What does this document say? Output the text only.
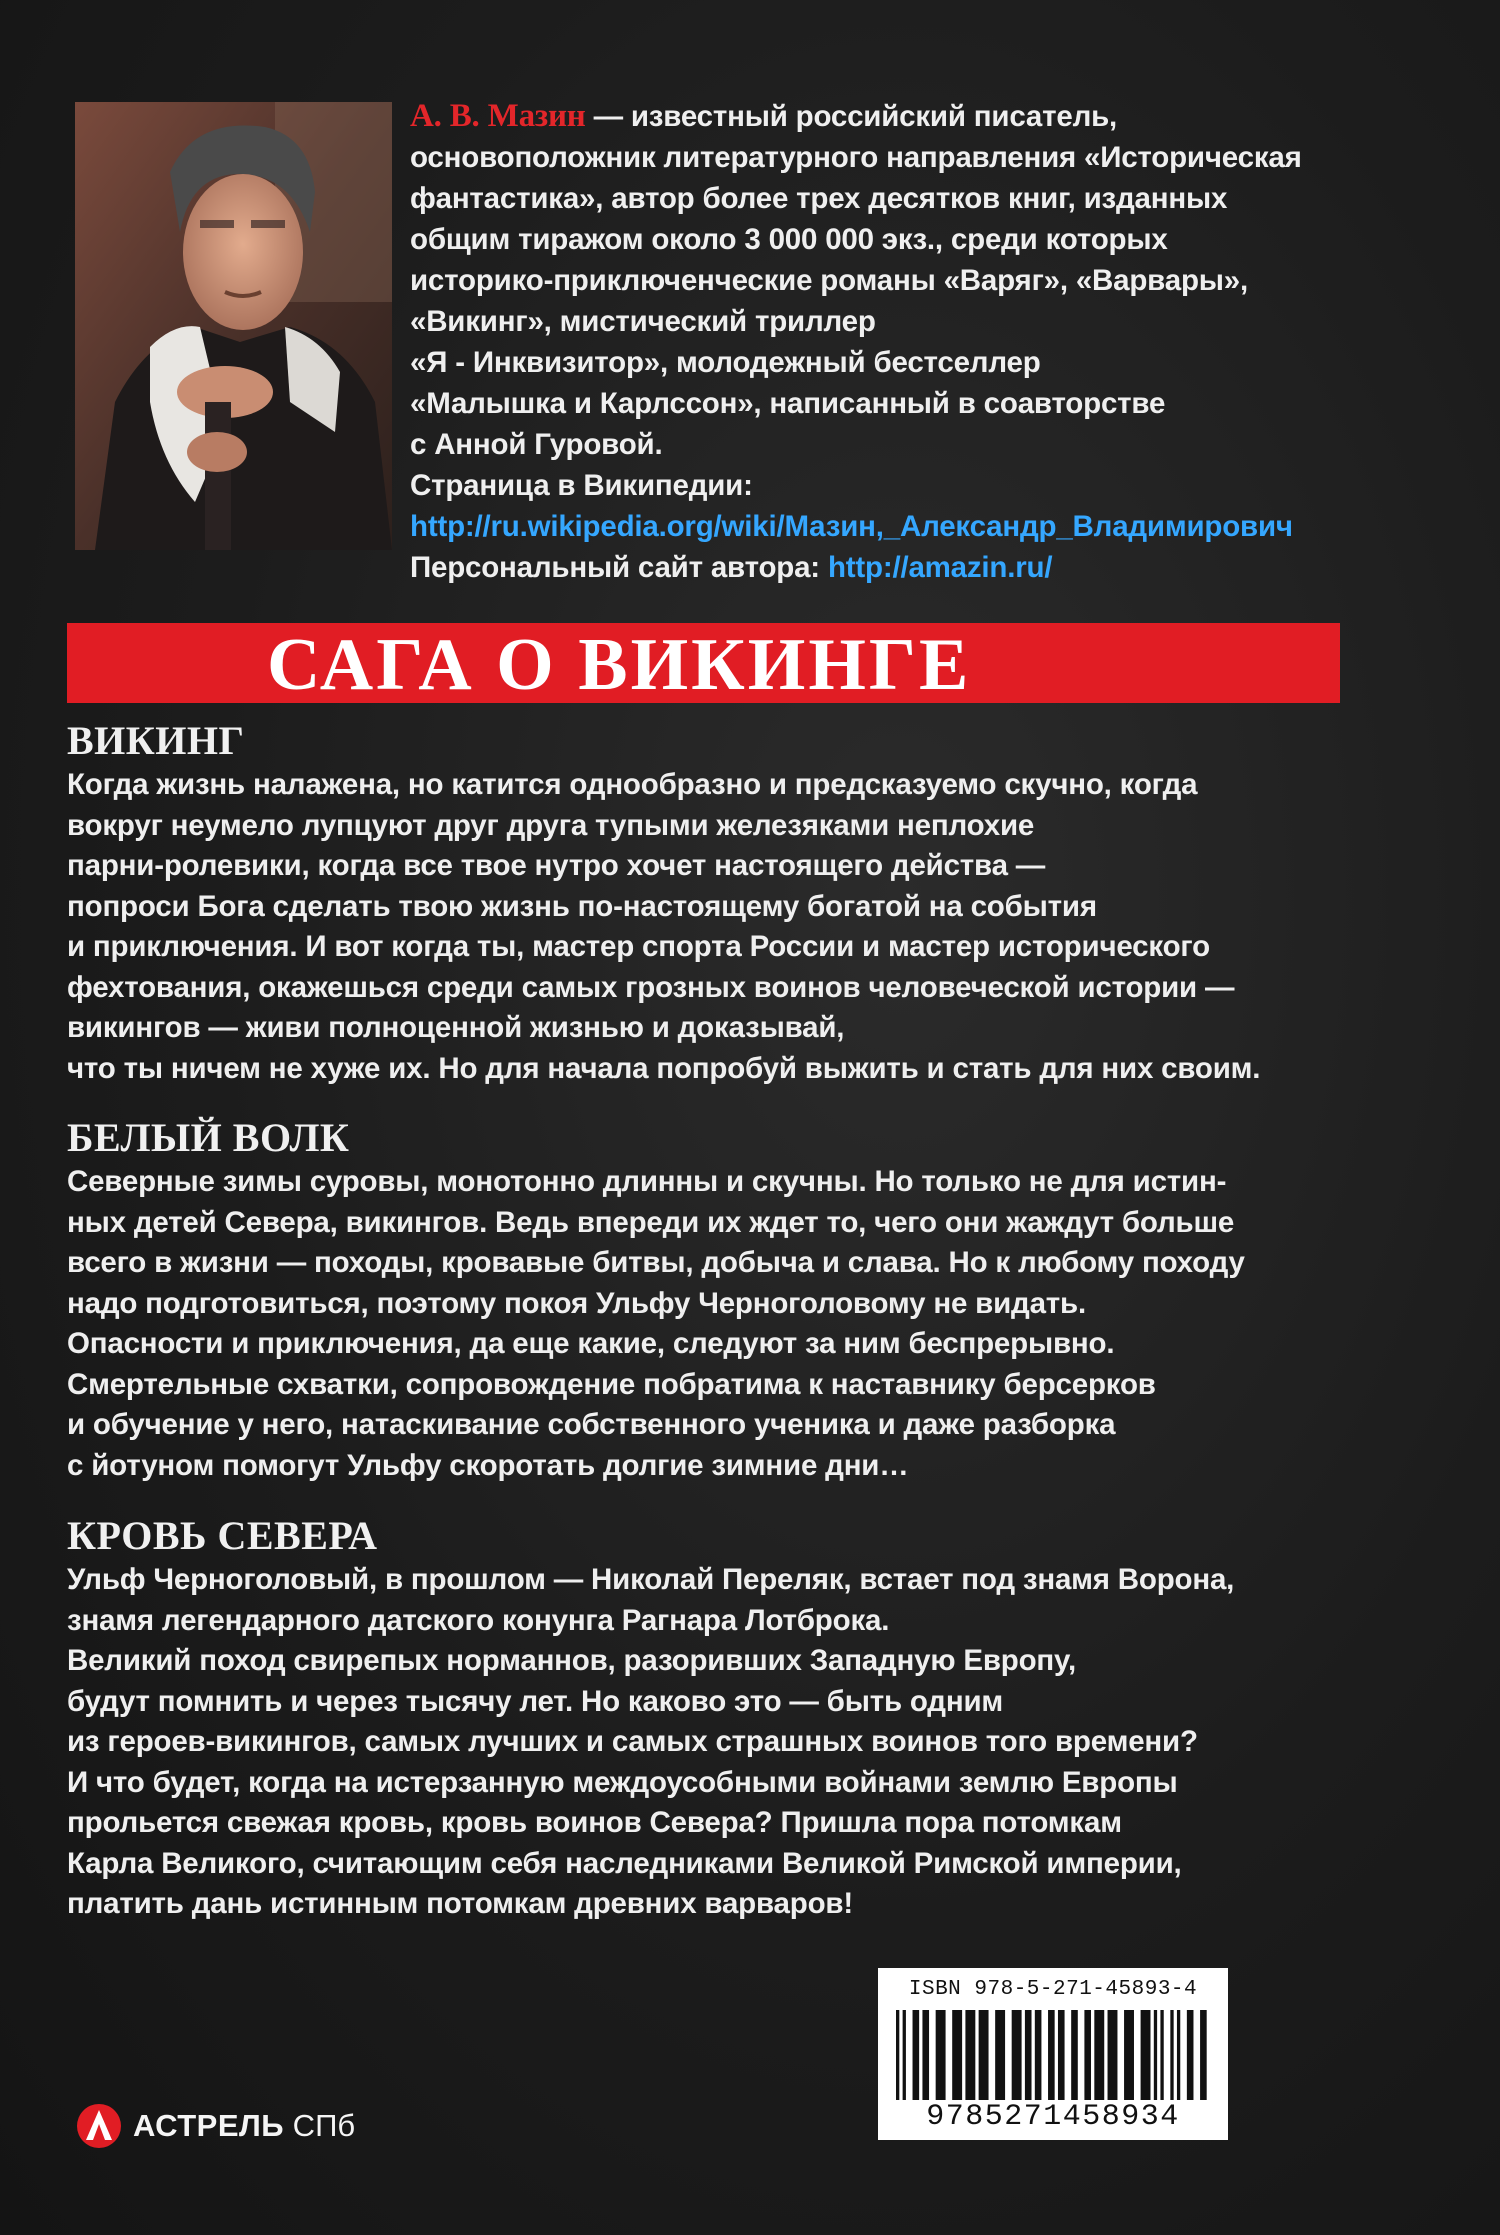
А. В. Мазин — известный российский писатель,
основоположник литературного направления «Историческая
фантастика», автор более трех десятков книг, изданных
общим тиражом около 3 000 000 экз., среди которых
историко-приключенческие романы «Варяг», «Варвары»,
«Викинг», мистический триллер
«Я - Инквизитор», молодежный бестселлер
«Малышка и Карлссон», написанный в соавторстве
с Анной Гуровой.
Страница в Википедии:
http://ru.wikipedia.org/wiki/Мазин,_Александр_Владимирович
Персональный сайт автора: http://amazin.ru/
САГА О ВИКИНГЕ
ВИКИНГ
Когда жизнь налажена, но катится однообразно и предсказуемо скучно, когда
вокруг неумело лупцуют друг друга тупыми железяками неплохие
парни-ролевики, когда все твое нутро хочет настоящего действа —
попроси Бога сделать твою жизнь по-настоящему богатой на события
и приключения. И вот когда ты, мастер спорта России и мастер исторического
фехтования, окажешься среди самых грозных воинов человеческой истории —
викингов — живи полноценной жизнью и доказывай,
что ты ничем не хуже их. Но для начала попробуй выжить и стать для них своим.
БЕЛЫЙ ВОЛК
Северные зимы суровы, монотонно длинны и скучны. Но только не для истин-
ных детей Севера, викингов. Ведь впереди их ждет то, чего они жаждут больше
всего в жизни — походы, кровавые битвы, добыча и слава. Но к любому походу
надо подготовиться, поэтому покоя Ульфу Черноголовому не видать.
Опасности и приключения, да еще какие, следуют за ним беспрерывно.
Смертельные схватки, сопровождение побратима к наставнику берсерков
и обучение у него, натаскивание собственного ученика и даже разборка
с йотуном помогут Ульфу скоротать долгие зимние дни…
КРОВЬ СЕВЕРА
Ульф Черноголовый, в прошлом — Николай Переляк, встает под знамя Ворона,
знамя легендарного датского конунга Рагнара Лотброка.
Великий поход свирепых норманнов, разоривших Западную Европу,
будут помнить и через тысячу лет. Но каково это — быть одним
из героев-викингов, самых лучших и самых страшных воинов того времени?
И что будет, когда на истерзанную междоусобными войнами землю Европы
прольется свежая кровь, кровь воинов Севера? Пришла пора потомкам
Карла Великого, считающим себя наследниками Великой Римской империи,
платить дань истинным потомкам древних варваров!
ISBN 978-5-271-45893-4
9785271458934
АСТРЕЛЬ СПб
